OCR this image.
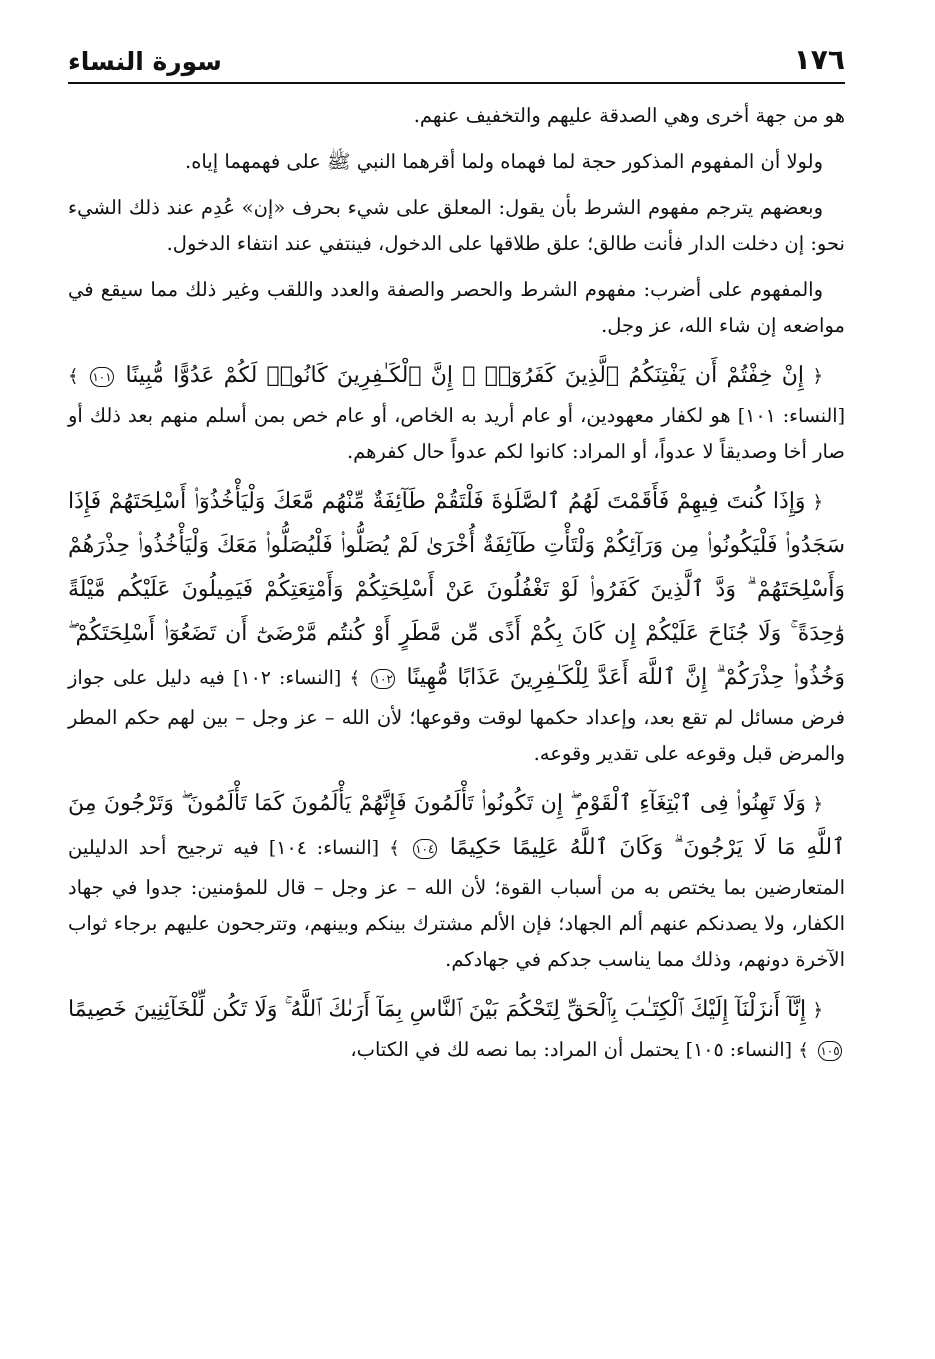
١٧٦
سورة النساء

هو من جهة أخرى وهي الصدقة عليهم والتخفيف عنهم.

ولولا أن المفهوم المذكور حجة لما فهماه ولما أقرهما النبي ﷺ على فهمهما إياه.

وبعضهم يترجم مفهوم الشرط بأن يقول: المعلق على شيء بحرف «إن» عُدِم عند ذلك الشيء نحو: إن دخلت الدار فأنت طالق؛ علق طلاقها على الدخول، فينتفي عند انتفاء الدخول.

والمفهوم على أضرب: مفهوم الشرط والحصر والصفة والعدد واللقب وغير ذلك مما سيقع في مواضعه إن شاء الله، عز وجل.

﴿ إِنْ خِفْتُمْ أَن يَفْتِنَكُمُ ٱلَّذِينَ كَفَرُوٓا۟ ۚ إِنَّ ٱلْكَـٰفِرِينَ كَانُوا۟ لَكُمْ عَدُوًّا مُّبِينًا ١٠١ ﴾ [النساء: ١٠١] هو لكفار معهودين، أو عام أريد به الخاص، أو عام خص بمن أسلم منهم بعد ذلك أو صار أخا وصديقاً لا عدواً، أو المراد: كانوا لكم عدواً حال كفرهم.

﴿ وَإِذَا كُنتَ فِيهِمْ فَأَقَمْتَ لَهُمُ ٱلصَّلَوٰةَ فَلْتَقُمْ طَآئِفَةٌ مِّنْهُم مَّعَكَ وَلْيَأْخُذُوٓا۟ أَسْلِحَتَهُمْ فَإِذَا سَجَدُوا۟ فَلْيَكُونُوا۟ مِن وَرَآئِكُمْ وَلْتَأْتِ طَآئِفَةٌ أُخْرَىٰ لَمْ يُصَلُّوا۟ فَلْيُصَلُّوا۟ مَعَكَ وَلْيَأْخُذُوا۟ حِذْرَهُمْ وَأَسْلِحَتَهُمْ ۗ وَدَّ ٱلَّذِينَ كَفَرُوا۟ لَوْ تَغْفُلُونَ عَنْ أَسْلِحَتِكُمْ وَأَمْتِعَتِكُمْ فَيَمِيلُونَ عَلَيْكُم مَّيْلَةً وَٰحِدَةً ۚ وَلَا جُنَاحَ عَلَيْكُمْ إِن كَانَ بِكُمْ أَذًى مِّن مَّطَرٍ أَوْ كُنتُم مَّرْضَىٰٓ أَن تَضَعُوٓا۟ أَسْلِحَتَكُمْ ۖ وَخُذُوا۟ حِذْرَكُمْ ۗ إِنَّ ٱللَّهَ أَعَدَّ لِلْكَـٰفِرِينَ عَذَابًا مُّهِينًا ١٠٢ ﴾ [النساء: ١٠٢] فيه دليل على جواز فرض مسائل لم تقع بعد، وإعداد حكمها لوقت وقوعها؛ لأن الله – عز وجل – بين لهم حكم المطر والمرض قبل وقوعه على تقدير وقوعه.

﴿ وَلَا تَهِنُوا۟ فِى ٱبْتِغَآءِ ٱلْقَوْمِ ۖ إِن تَكُونُوا۟ تَأْلَمُونَ فَإِنَّهُمْ يَأْلَمُونَ كَمَا تَأْلَمُونَ ۖ وَتَرْجُونَ مِنَ ٱللَّهِ مَا لَا يَرْجُونَ ۗ وَكَانَ ٱللَّهُ عَلِيمًا حَكِيمًا ١٠٤ ﴾ [النساء: ١٠٤] فيه ترجيح أحد الدليلين المتعارضين بما يختص به من أسباب القوة؛ لأن الله – عز وجل – قال للمؤمنين: جدوا في جهاد الكفار، ولا يصدنكم عنهم ألم الجهاد؛ فإن الألم مشترك بينكم وبينهم، وتترجحون عليهم برجاء ثواب الآخرة دونهم، وذلك مما يناسب جدكم في جهادكم.

﴿ إِنَّآ أَنزَلْنَآ إِلَيْكَ ٱلْكِتَـٰبَ بِٱلْحَقِّ لِتَحْكُمَ بَيْنَ ٱلنَّاسِ بِمَآ أَرَىٰكَ ٱللَّهُ ۚ وَلَا تَكُن لِّلْخَآئِنِينَ خَصِيمًا ١٠٥ ﴾ [النساء: ١٠٥] يحتمل أن المراد: بما نصه لك في الكتاب،
